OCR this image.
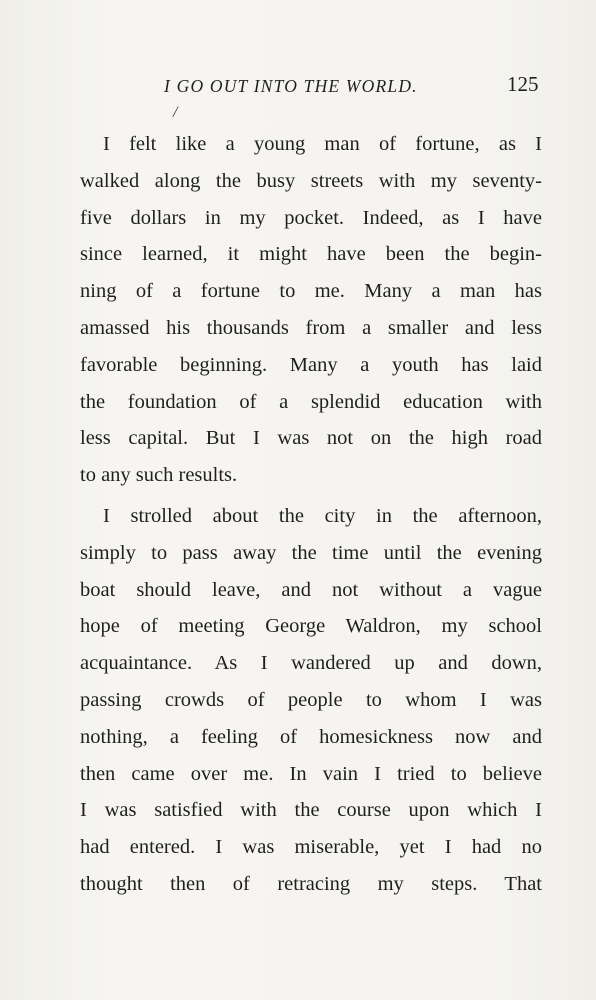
I GO OUT INTO THE WORLD.	125
/
I felt like a young man of fortune, as I
walked along the busy streets with my seventy-
five dollars in my pocket. Indeed, as I have
since learned, it might have been the begin-
ning of a fortune to me. Many a man has
amassed his thousands from a smaller and less
favorable beginning. Many a youth has laid
the foundation of a splendid education with
less capital. But I was not on the high road
to any such results.
I strolled about the city in the afternoon,
simply to pass away the time until the evening
boat should leave, and not without a vague
hope of meeting George Waldron, my school
acquaintance. As I wandered up and down,
passing crowds of people to whom I was
nothing, a feeling of homesickness now and
then came over me. In vain I tried to believe
I was satisfied with the course upon which I
had entered. I was miserable, yet I had no
thought then of retracing my steps. That
